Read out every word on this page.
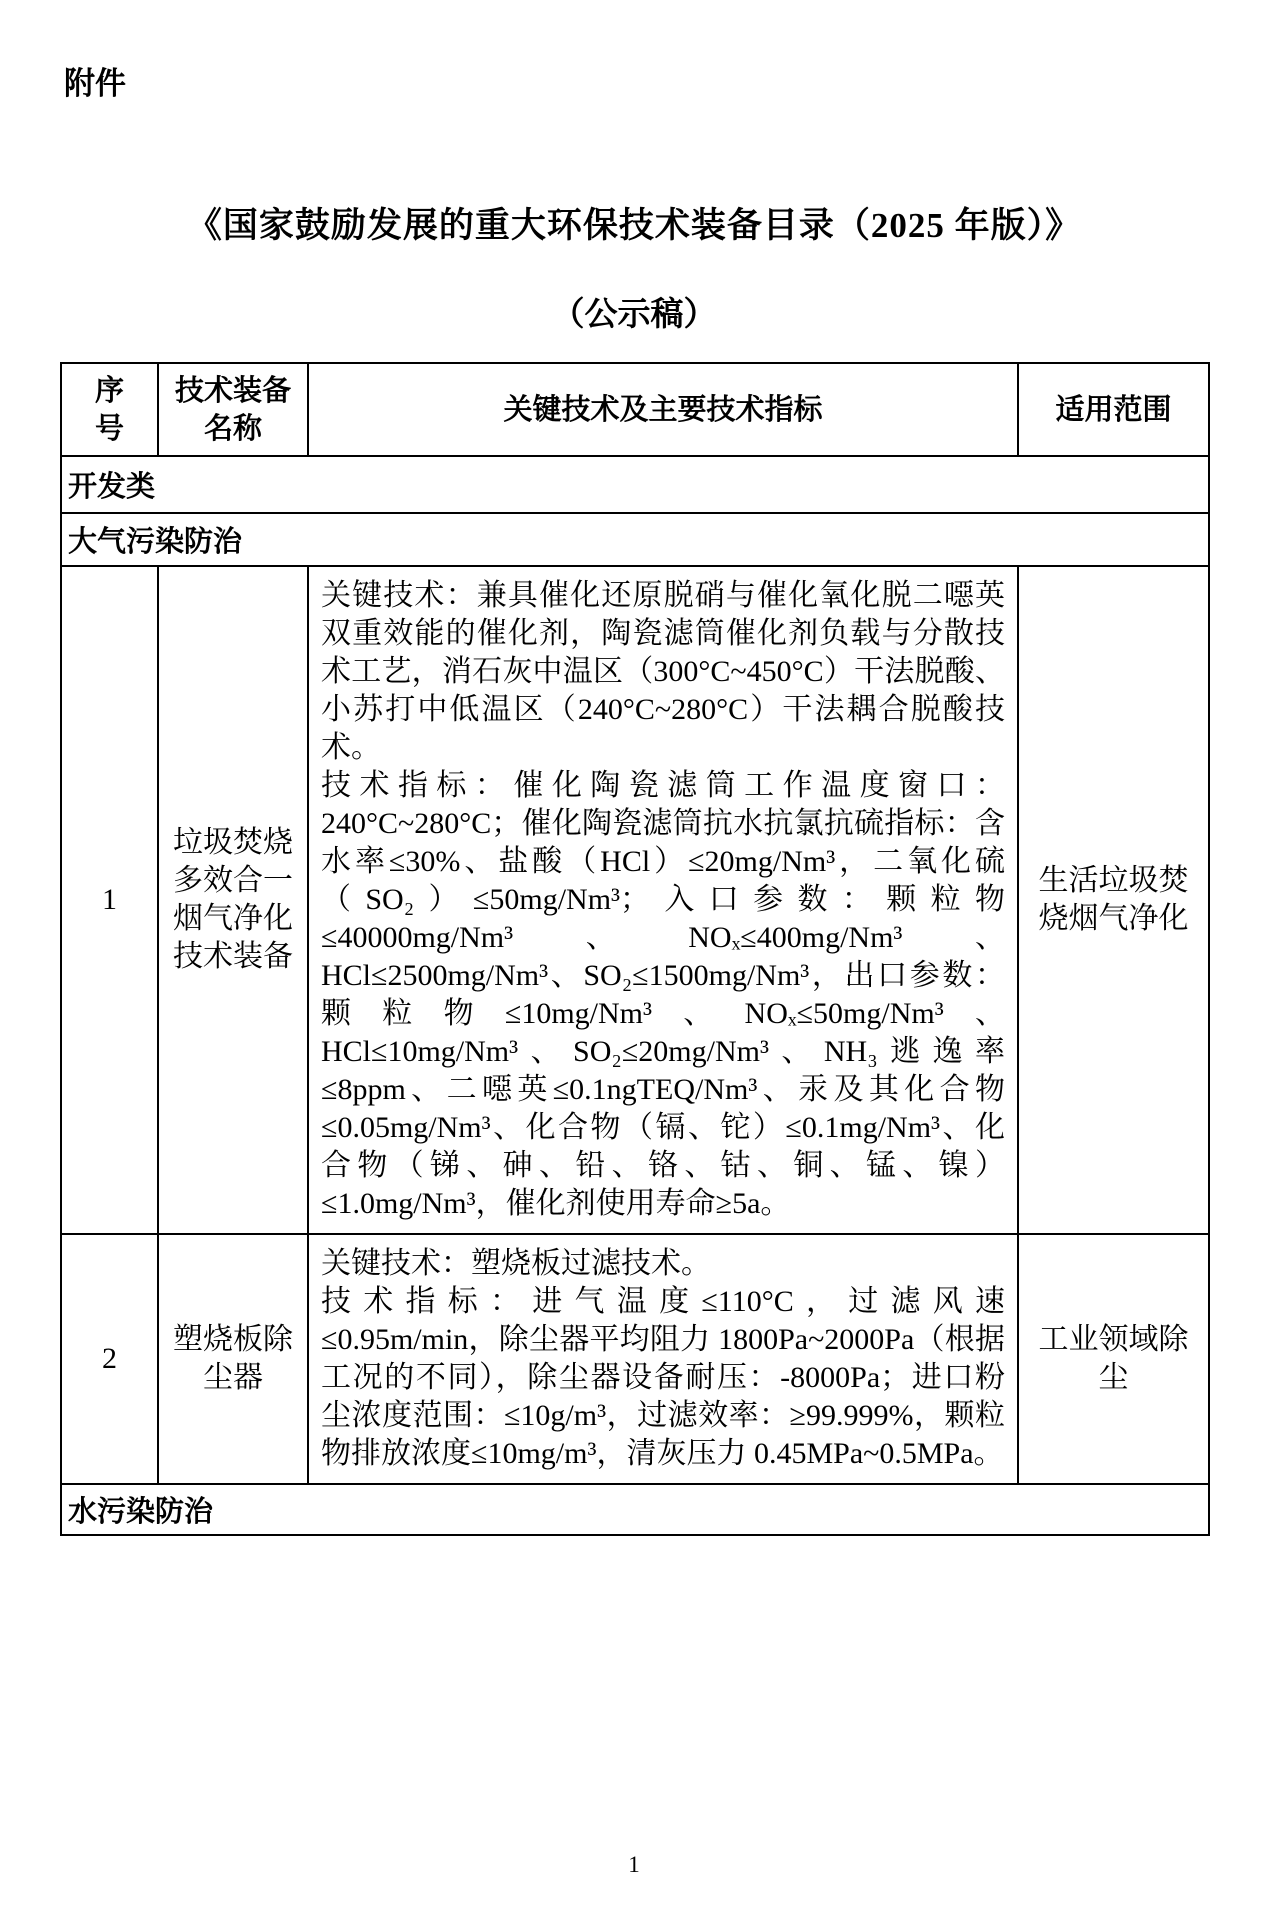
附件
《国家鼓励发展的重大环保技术装备目录（2025 年版）》
（公示稿）
序号	技术装备名称	关键技术及主要技术指标	适用范围
开发类			
大气污染防治			
1	垃圾焚烧多效合一烟气净化技术装备	关键技术：兼具催化还原脱硝与催化氧化脱二噁英双重效能的催化剂，陶瓷滤筒催化剂负载与分散技术工艺，消石灰中温区（300°C~450°C）干法脱酸、小苏打中低温区（240°C~280°C）干法耦合脱酸技术。
技术指标：催化陶瓷滤筒工作温度窗口：240°C~280°C；催化陶瓷滤筒抗水抗氯抗硫指标：含水率≤30%、盐酸（HCl）≤20mg/Nm³，二氧化硫（SO₂）≤50mg/Nm³；入口参数：颗粒物≤40000mg/Nm³、NOₓ≤400mg/Nm³、HCl≤2500mg/Nm³、SO₂≤1500mg/Nm³，出口参数：颗粒物≤10mg/Nm³、NOₓ≤50mg/Nm³、HCl≤10mg/Nm³、SO₂≤20mg/Nm³、NH₃逃逸率≤8ppm、二噁英≤0.1ngTEQ/Nm³、汞及其化合物≤0.05mg/Nm³、化合物（镉、铊）≤0.1mg/Nm³、化合物（锑、砷、铅、铬、钴、铜、锰、镍）≤1.0mg/Nm³，催化剂使用寿命≥5a。	生活垃圾焚烧烟气净化
2	塑烧板除尘器	关键技术：塑烧板过滤技术。
技术指标：进气温度≤110°C，过滤风速≤0.95m/min，除尘器平均阻力 1800Pa~2000Pa（根据工况的不同），除尘器设备耐压：-8000Pa；进口粉尘浓度范围：≤10g/m³，过滤效率：≥99.999%，颗粒物排放浓度≤10mg/m³，清灰压力 0.45MPa~0.5MPa。	工业领域除尘
水污染防治			
1
